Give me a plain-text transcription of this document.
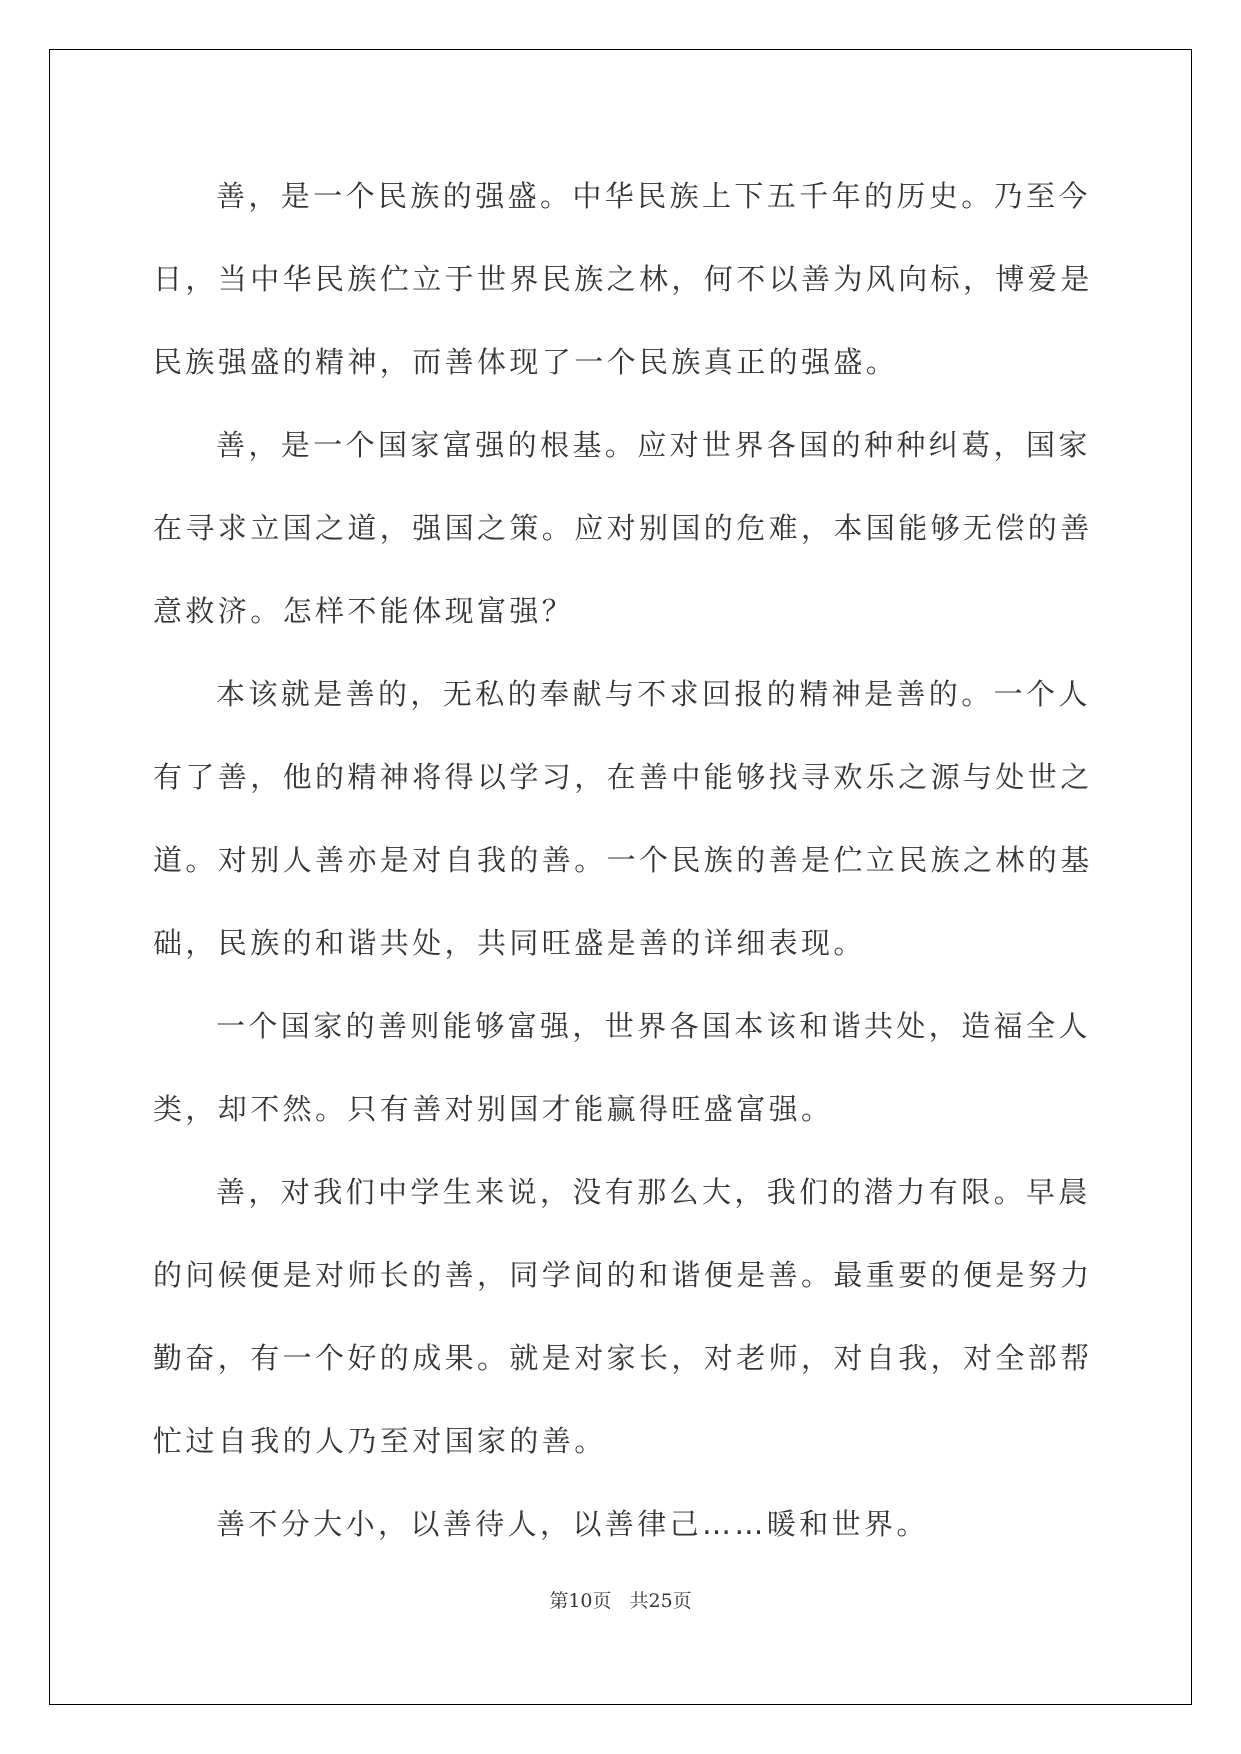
善，是一个民族的强盛。中华民族上下五千年的历史。乃至今日，当中华民族伫立于世界民族之林，何不以善为风向标，博爱是民族强盛的精神，而善体现了一个民族真正的强盛。

善，是一个国家富强的根基。应对世界各国的种种纠葛，国家在寻求立国之道，强国之策。应对别国的危难，本国能够无偿的善意救济。怎样不能体现富强？

本该就是善的，无私的奉献与不求回报的精神是善的。一个人有了善，他的精神将得以学习，在善中能够找寻欢乐之源与处世之道。对别人善亦是对自我的善。一个民族的善是伫立民族之林的基础，民族的和谐共处，共同旺盛是善的详细表现。

一个国家的善则能够富强，世界各国本该和谐共处，造福全人类，却不然。只有善对别国才能赢得旺盛富强。

善，对我们中学生来说，没有那么大，我们的潜力有限。早晨的问候便是对师长的善，同学间的和谐便是善。最重要的便是努力勤奋，有一个好的成果。就是对家长，对老师，对自我，对全部帮忙过自我的人乃至对国家的善。

善不分大小，以善待人，以善律己……暖和世界。

第10页 共25页
